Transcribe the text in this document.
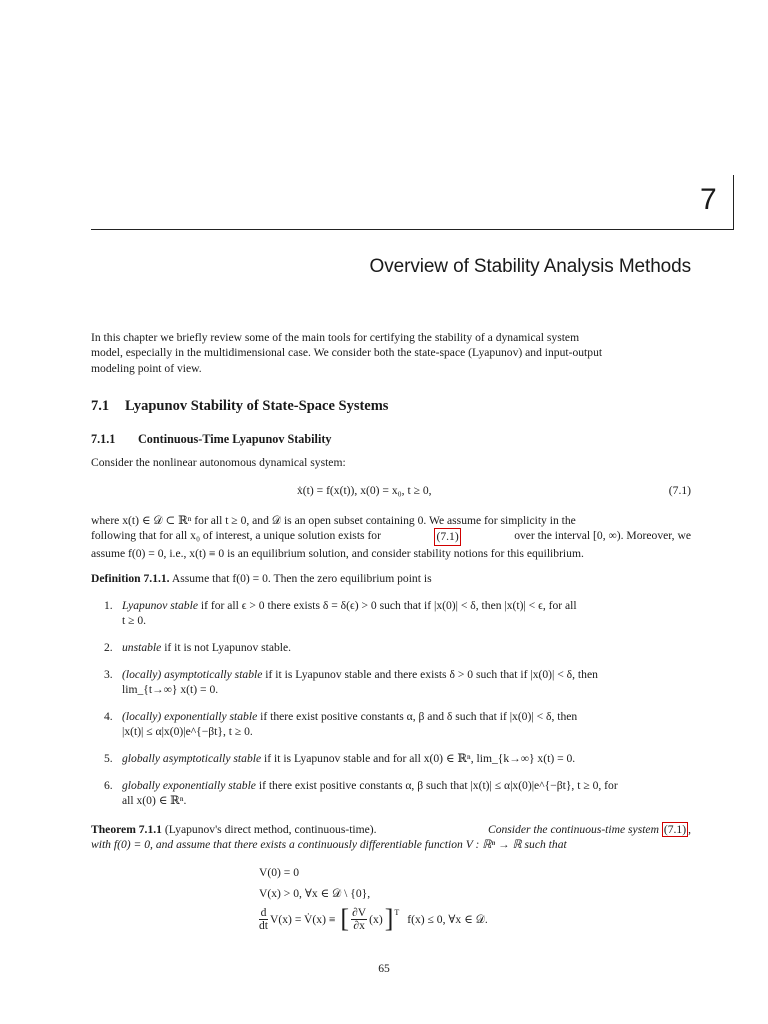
7
Overview of Stability Analysis Methods
In this chapter we briefly review some of the main tools for certifying the stability of a dynamical system
model, especially in the multidimensional case. We consider both the state-space (Lyapunov) and input-output
modeling point of view.
7.1 Lyapunov Stability of State-Space Systems
7.1.1 Continuous-Time Lyapunov Stability
Consider the nonlinear autonomous dynamical system:
ẋ(t) = f(x(t)), x(0) = x₀, t ≥ 0,	(7.1)
where x(t) ∈ 𝒟 ⊂ ℝⁿ for all t ≥ 0, and 𝒟 is an open subset containing 0. We assume for simplicity in the
following that for all x₀ of interest, a unique solution exists for	(7.1)	over the interval [0, ∞). Moreover, we
assume f(0) = 0, i.e., x(t) ≡ 0 is an equilibrium solution, and consider stability notions for this equilibrium.
Definition 7.1.1. Assume that f(0) = 0. Then the zero equilibrium point is
1. Lyapunov stable if for all ϵ > 0 there exists δ = δ(ϵ) > 0 such that if |x(0)| < δ, then |x(t)| < ϵ, for all
t ≥ 0.
2. unstable if it is not Lyapunov stable.
3. (locally) asymptotically stable if it is Lyapunov stable and there exists δ > 0 such that if |x(0)| < δ, then
lim_{t→∞} x(t) = 0.
4. (locally) exponentially stable if there exist positive constants α, β and δ such that if |x(0)| < δ, then
|x(t)| ≤ α|x(0)|e^{−βt}, t ≥ 0.
5. globally asymptotically stable if it is Lyapunov stable and for all x(0) ∈ ℝⁿ, lim_{k→∞} x(t) = 0.
6. globally exponentially stable if there exist positive constants α, β such that |x(t)| ≤ α|x(0)|e^{−βt}, t ≥ 0, for
all x(0) ∈ ℝⁿ.
Theorem 7.1.1 (Lyapunov's direct method, continuous-time).	Consider the continuous-time system (7.1) ,
with f(0) = 0, and assume that there exists a continuously differentiable function V : ℝⁿ → ℝ such that
V(0) = 0
V(x) > 0, ∀x ∈ 𝒟 \ {0},
$\frac{d}{dt} V(x)$ = V̇(x) ≡ [ $\frac{\partial V}{\partial x} (x)$ ] T f(x) ≤ 0, ∀x ∈ 𝒟.
65
